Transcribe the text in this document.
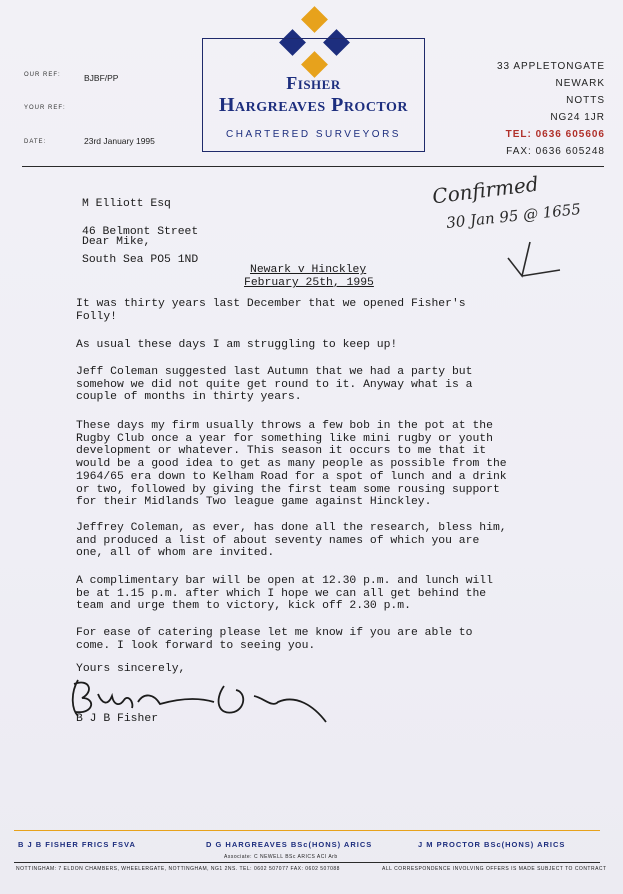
OUR REF:	BJBF/PP
YOUR REF:
DATE:	23rd January 1995
Fisher
Hargreaves Proctor
CHARTERED SURVEYORS
33 APPLETONGATE
NEWARK
NOTTS
NG24 1JR
TEL: 0636 605606
FAX: 0636 605248

M Elliott Esq

46 Belmont Street

South Sea PO5 1ND

Confirmed
30 Jan 95 @ 1655
Dear Mike,
Newark v Hinckley
February 25th, 1995
It was thirty years last December that we opened Fisher's
Folly!
As usual these days I am struggling to keep up!
Jeff Coleman suggested last Autumn that we had a party but
somehow we did not quite get round to it. Anyway what is a
couple of months in thirty years.
These days my firm usually throws a few bob in the pot at the
Rugby Club once a year for something like mini rugby or youth
development or whatever. This season it occurs to me that it
would be a good idea to get as many people as possible from the
1964/65 era down to Kelham Road for a spot of lunch and a drink
or two, followed by giving the first team some rousing support
for their Midlands Two league game against Hinckley.
Jeffrey Coleman, as ever, has done all the research, bless him,
and produced a list of about seventy names of which you are
one, all of whom are invited.
A complimentary bar will be open at 12.30 p.m. and lunch will
be at 1.15 p.m. after which I hope we can all get behind the
team and urge them to victory, kick off 2.30 p.m.
For ease of catering please let me know if you are able to
come. I look forward to seeing you.
Yours sincerely,
B J B Fisher
B J B FISHER FRICS FSVA	D G HARGREAVES BSc(HONS) ARICS	J M PROCTOR BSc(HONS) ARICS
Associate: C NEWELL BSc ARICS ACI Arb
NOTTINGHAM: 7 ELDON CHAMBERS, WHEELERGATE, NOTTINGHAM, NG1 2NS. TEL: 0602 507077 FAX: 0602 507088	ALL CORRESPONDENCE INVOLVING OFFERS IS MADE SUBJECT TO CONTRACT
